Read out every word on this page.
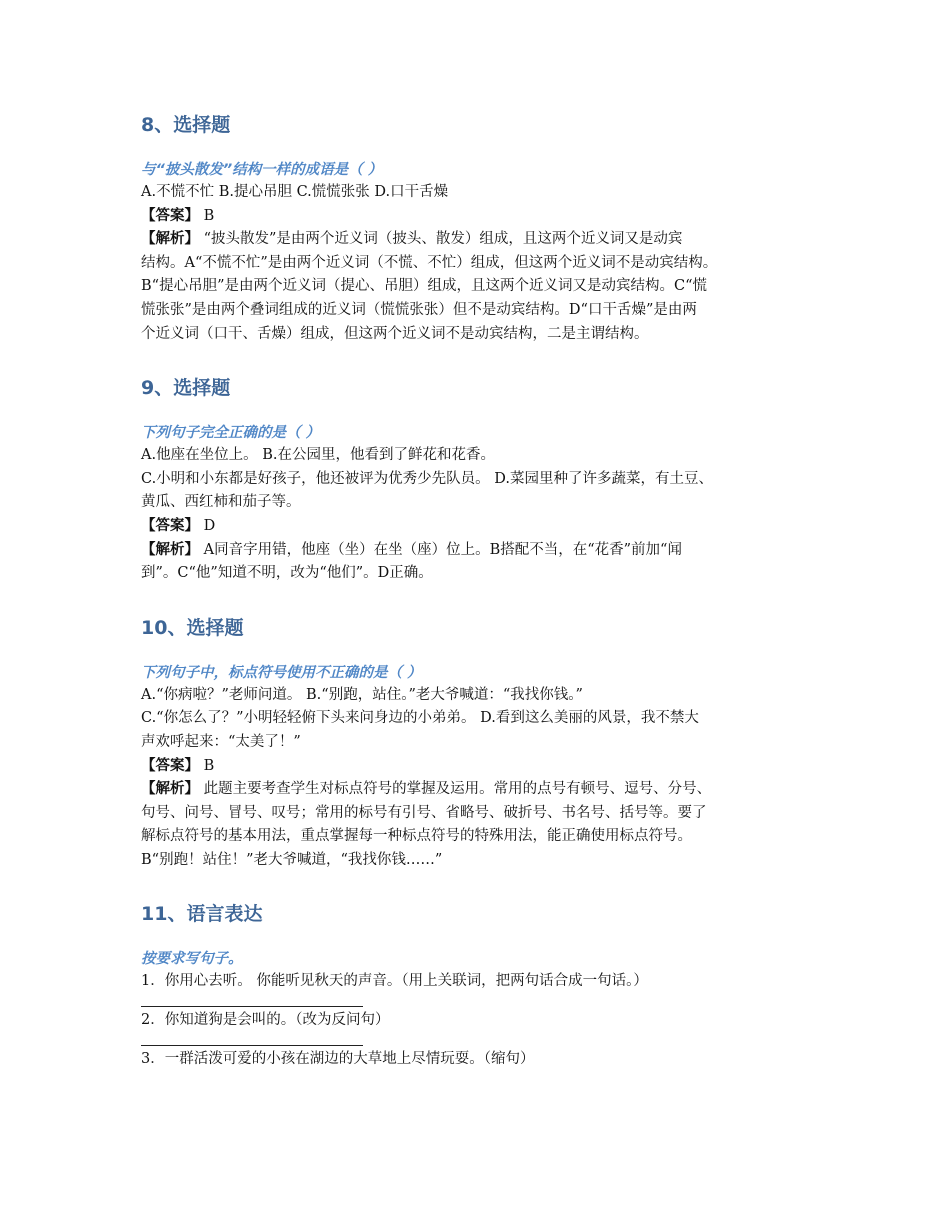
8、选择题
与“披头散发”结构一样的成语是（ ）
A.不慌不忙 B.提心吊胆 C.慌慌张张 D.口干舌燥
【答案】 B
【解析】 “披头散发”是由两个近义词（披头、散发）组成，且这两个近义词又是动宾
结构。A“不慌不忙”是由两个近义词（不慌、不忙）组成，但这两个近义词不是动宾结构。
B“提心吊胆”是由两个近义词（提心、吊胆）组成，且这两个近义词又是动宾结构。C“慌
慌张张”是由两个叠词组成的近义词（慌慌张张）但不是动宾结构。D“口干舌燥”是由两
个近义词（口干、舌燥）组成，但这两个近义词不是动宾结构，二是主谓结构。
9、选择题
下列句子完全正确的是（ ）
A.他座在坐位上。 B.在公园里，他看到了鲜花和花香。
C.小明和小东都是好孩子，他还被评为优秀少先队员。 D.菜园里种了许多蔬菜，有土豆、
黄瓜、西红柿和茄子等。
【答案】 D
【解析】 A同音字用错，他座（坐）在坐（座）位上。B搭配不当，在“花香”前加“闻
到”。C“他”知道不明，改为“他们”。D正确。
10、选择题
下列句子中，标点符号使用不正确的是（ ）
A.“你病啦？”老师问道。 B.“别跑，站住。”老大爷喊道：“我找你钱。”
C.“你怎么了？”小明轻轻俯下头来问身边的小弟弟。 D.看到这么美丽的风景，我不禁大
声欢呼起来：“太美了！”
【答案】 B
【解析】 此题主要考查学生对标点符号的掌握及运用。常用的点号有顿号、逗号、分号、
句号、问号、冒号、叹号；常用的标号有引号、省略号、破折号、书名号、括号等。要了
解标点符号的基本用法，重点掌握每一种标点符号的特殊用法，能正确使用标点符号。
B“别跑！站住！”老大爷喊道，“我找你钱……”
11、语言表达
按要求写句子。
1．你用心去听。 你能听见秋天的声音。（用上关联词，把两句话合成一句话。）
2．你知道狗是会叫的。（改为反问句）
3．一群活泼可爱的小孩在湖边的大草地上尽情玩耍。（缩句）
